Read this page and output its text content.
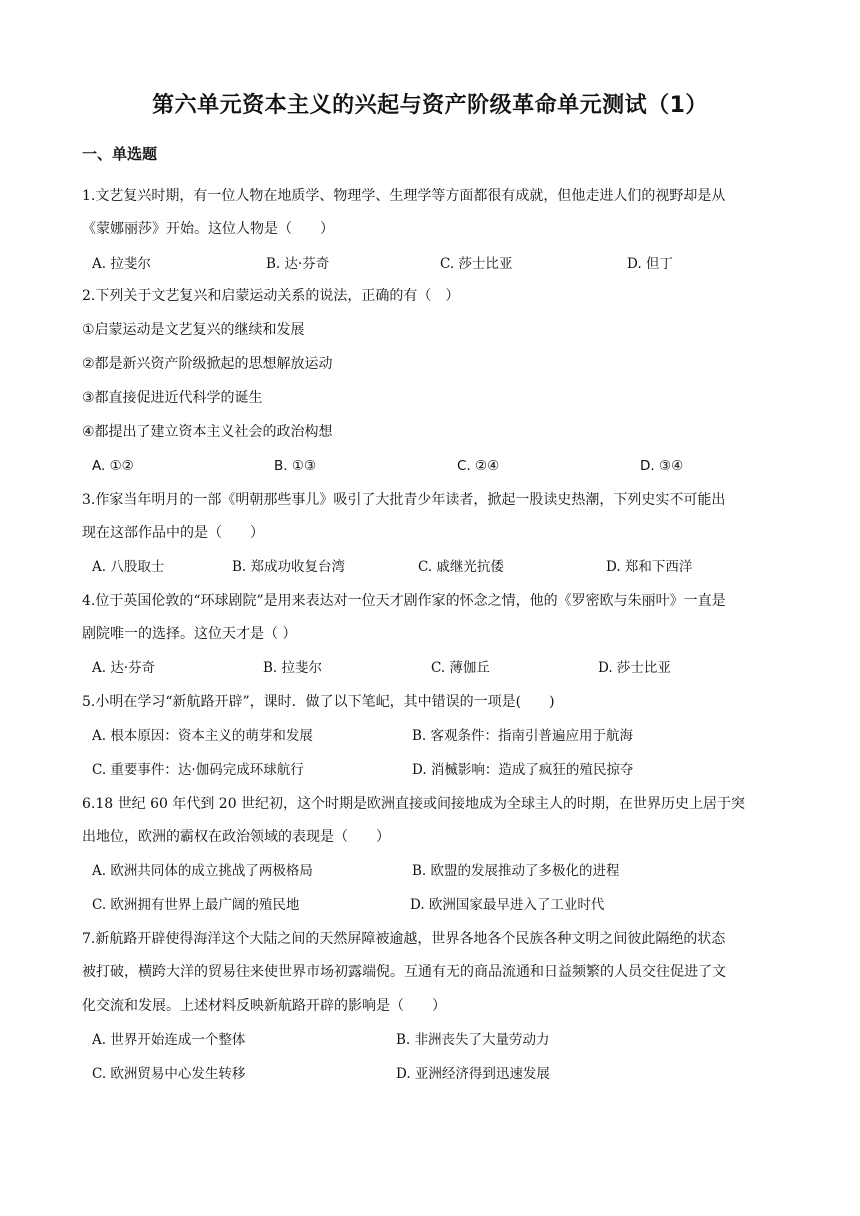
第六单元资本主义的兴起与资产阶级革命单元测试（1）
一、单选题
1.文艺复兴时期，有一位人物在地质学、物理学、生理学等方面都很有成就，但他走进人们的视野却是从
《蒙娜丽莎》开始。这位人物是（　　）
A. 拉斐尔	B. 达·芬奇	C. 莎士比亚	D. 但丁
2.下列关于文艺复兴和启蒙运动关系的说法，正确的有（　）
①启蒙运动是文艺复兴的继续和发展
②都是新兴资产阶级掀起的思想解放运动
③都直接促进近代科学的诞生
④都提出了建立资本主义社会的政治构想
A. ①②	B. ①③	C. ②④	D. ③④
3.作家当年明月的一部《明朝那些事儿》吸引了大批青少年读者，掀起一股读史热潮，下列史实不可能出
现在这部作品中的是（　　）
A. 八股取士	B. 郑成功收复台湾	C. 戚继光抗倭	D. 郑和下西洋
4.位于英国伦敦的“环球剧院”是用来表达对一位天才剧作家的怀念之情，他的《罗密欧与朱丽叶》一直是
剧院唯一的选择。这位天才是（ ）
A. 达·芬奇	B. 拉斐尔	C. 薄伽丘	D. 莎士比亚
5.小明在学习“新航路开辟”，课时．做了以下笔屺，其中错误的一项是(　　)
A. 根本原因：资本主义的萌芽和发展	B. 客观条件：指南引普遍应用于航海
C. 重要事件：达·伽码完成环球航行	D. 消楲影响：造成了疯狂的殖民掠夺
6.18 世纪 60 年代到 20 世纪初，这个时期是欧洲直接或间接地成为全球主人的时期，在世界历史上居于突
出地位，欧洲的霸权在政治领域的表现是（　　）
A. 欧洲共同体的成立挑战了两极格局	B. 欧盟的发展推动了多极化的进程
C. 欧洲拥有世界上最广阔的殖民地	D. 欧洲国家最早进入了工业时代
7.新航路开辟使得海洋这个大陆之间的天然屏障被逾越，世界各地各个民族各种文明之间彼此隔绝的状态
被打破，横跨大洋的贸易往来使世界市场初露端倪。互通有无的商品流通和日益频繁的人员交往促进了文
化交流和发展。上述材料反映新航路开辟的影响是（　　）
A. 世界开始连成一个整体	B. 非洲丧失了大量劳动力
C. 欧洲贸易中心发生转移	D. 亚洲经济得到迅速发展
